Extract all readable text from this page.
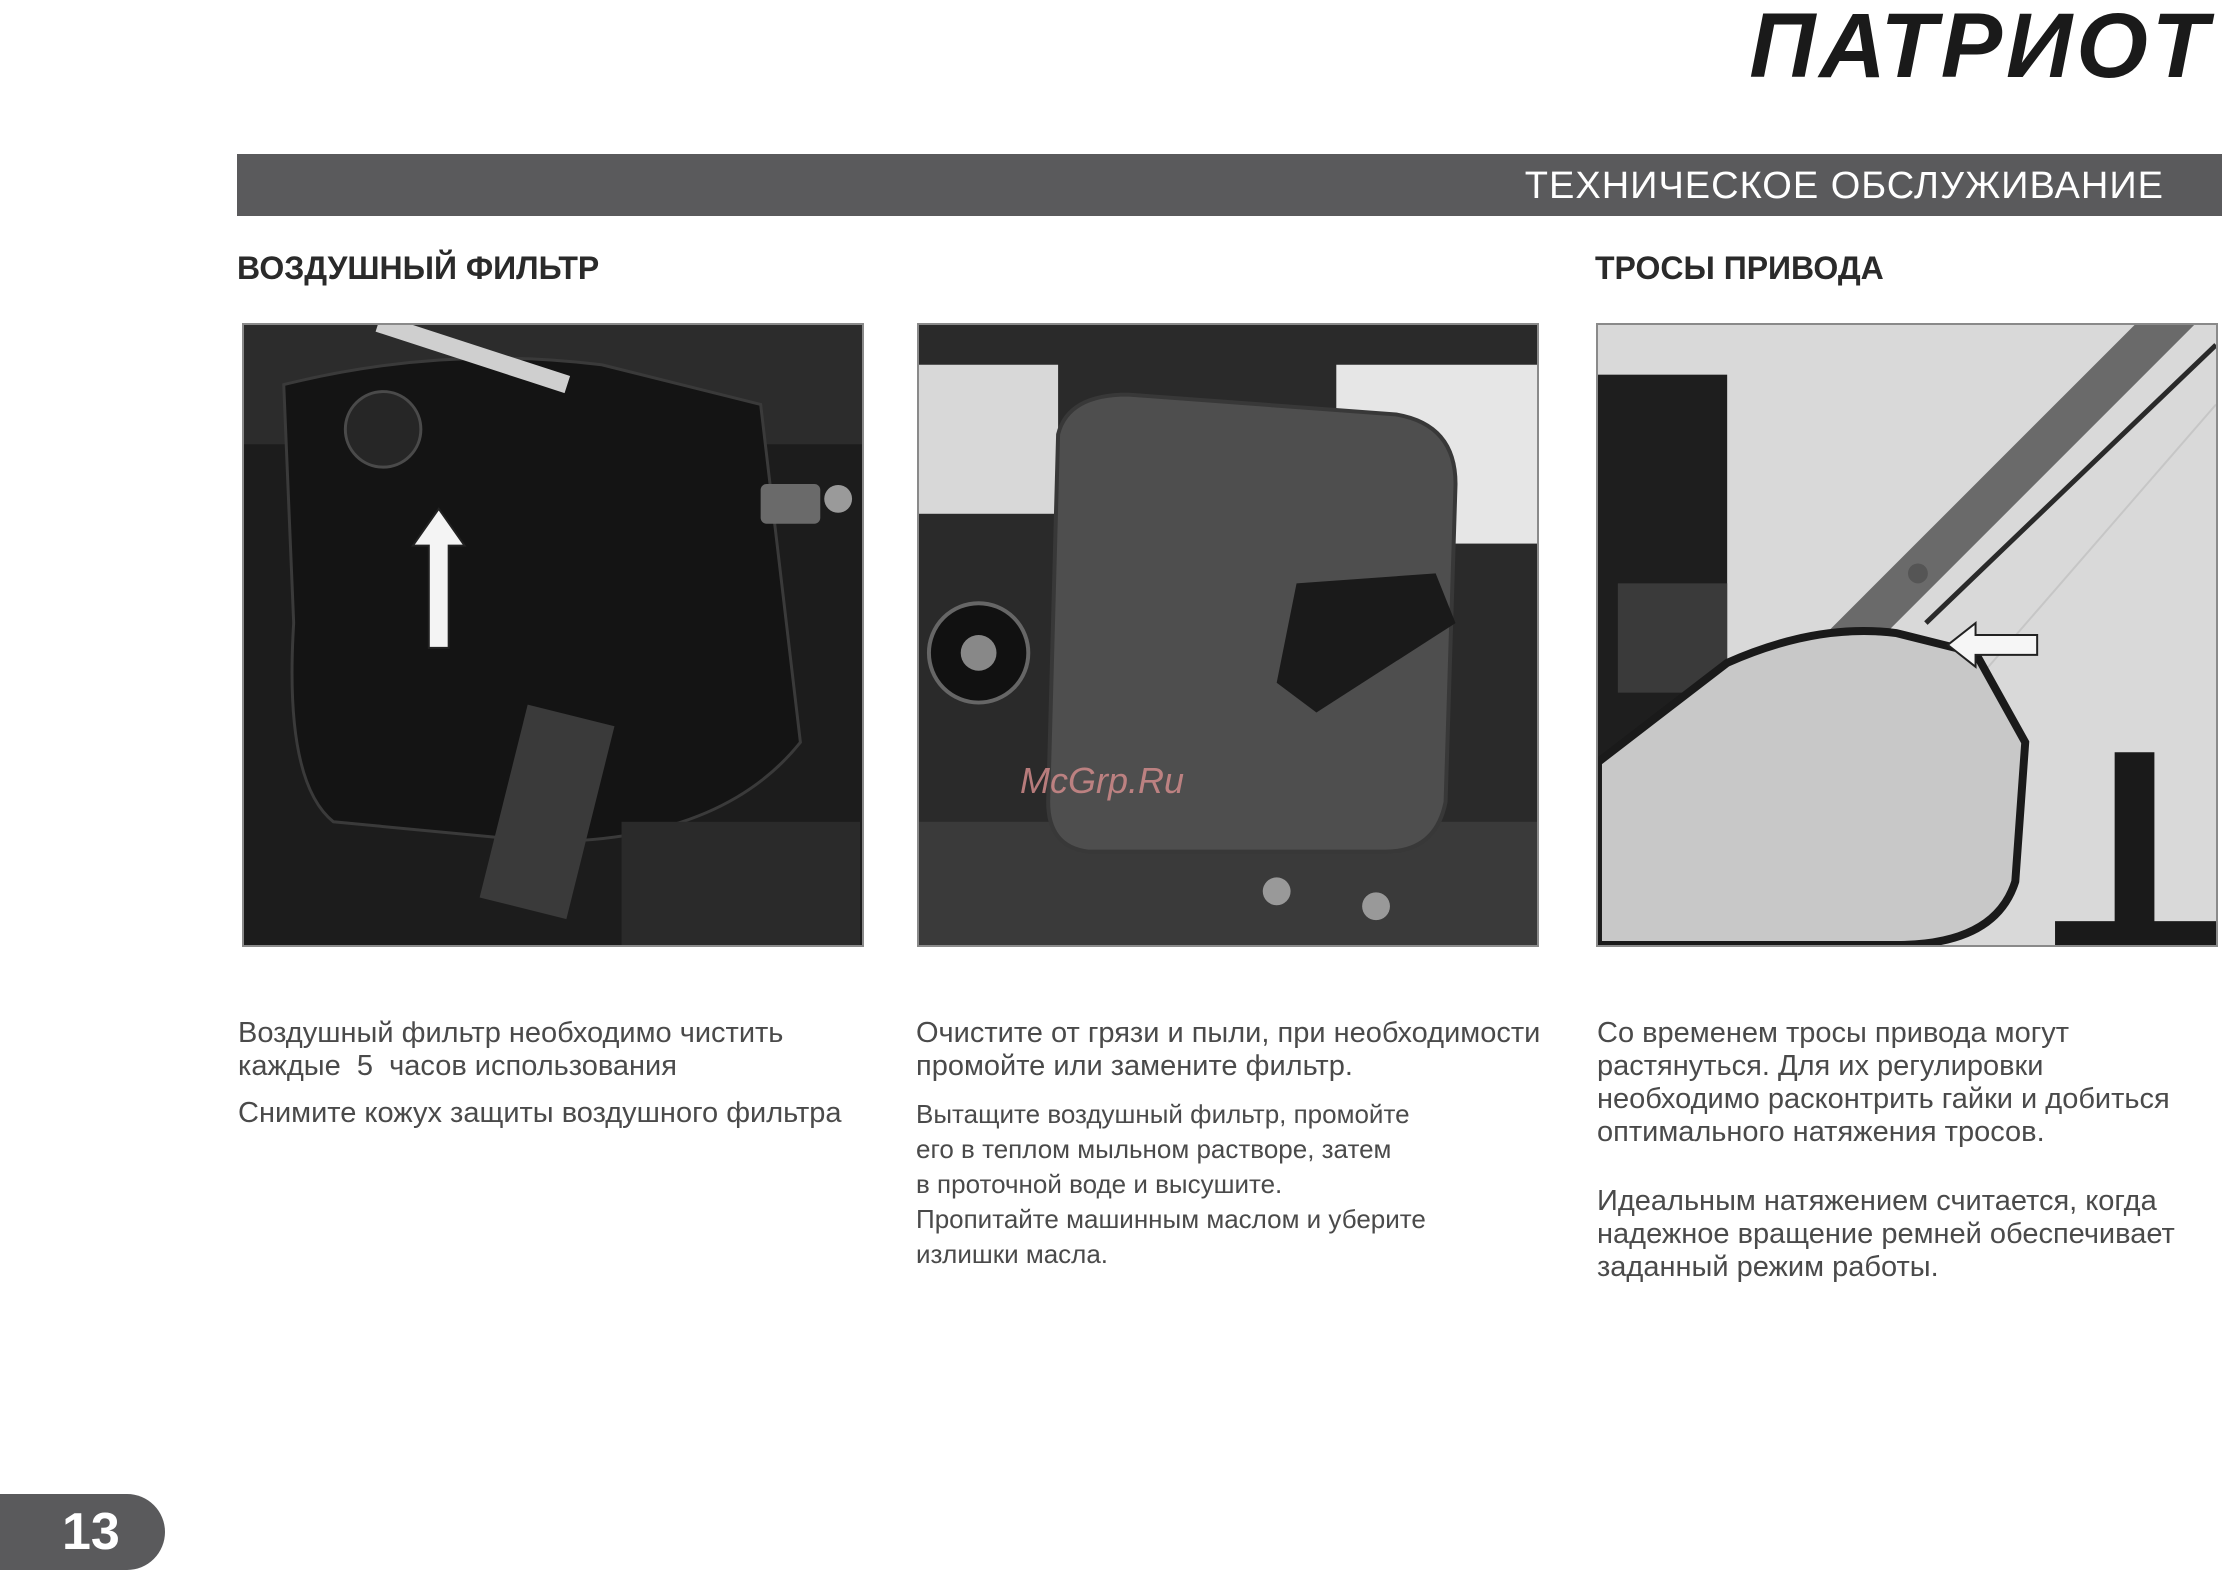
ПАТРИОТ
ТЕХНИЧЕСКОЕ ОБСЛУЖИВАНИЕ
ВОЗДУШНЫЙ ФИЛЬТР	ТРОСЫ ПРИВОДА
McGrp.Ru

Воздушный фильтр необходимо чистить
каждые 5 часов использования

Снимите кожух защиты воздушного фильтра

Очистите от грязи и пыли, при необходимости промойте или замените фильтр.

Вытащите воздушный фильтр, промойте

его в теплом мыльном растворе, затем

в проточной воде и высушите.

Пропитайте машинным маслом и уберите

излишки масла.

Со временем тросы привода могут растянуться. Для их регулировки необходимо расконтрить гайки и добиться оптимального натяжения тросов.

Идеальным натяжением считается, когда надежное вращение ремней обеспечивает заданный режим работы.

13
